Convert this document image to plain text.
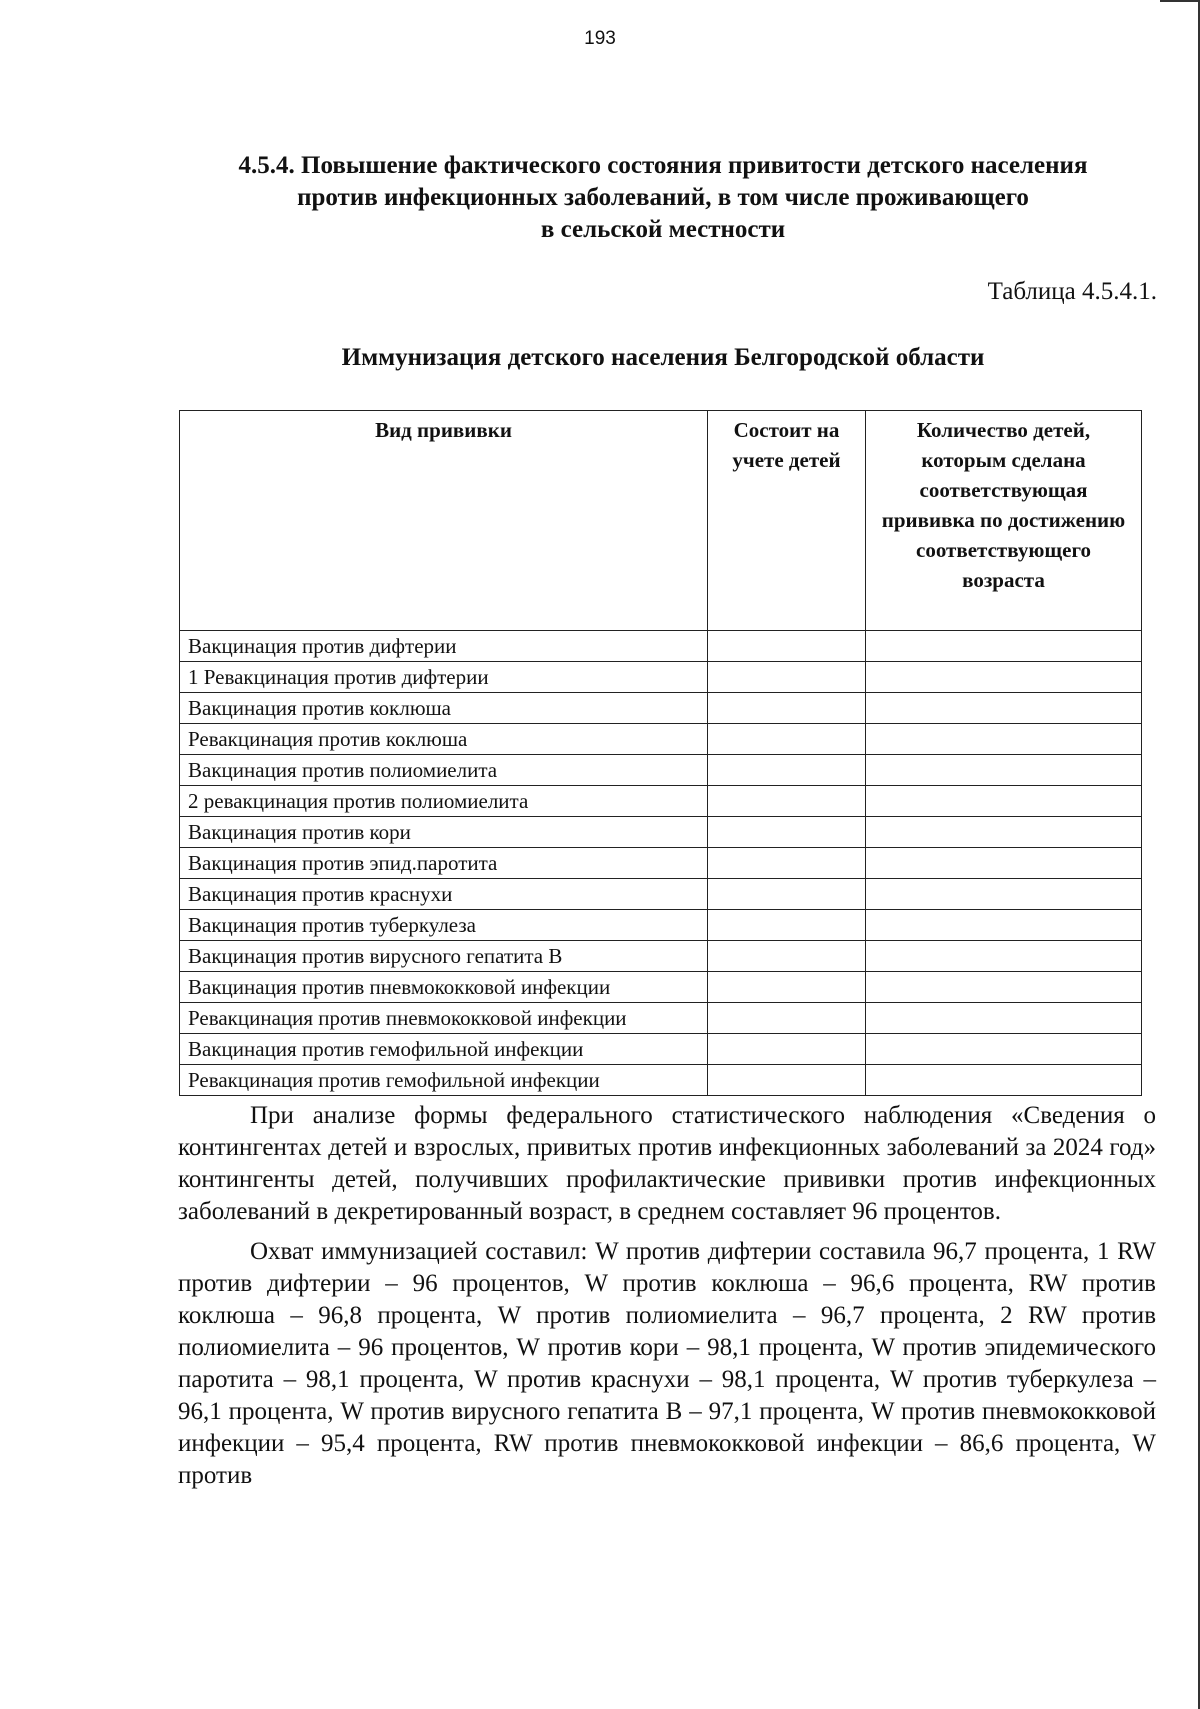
193
4.5.4. Повышение фактического состояния привитости детского населения
против инфекционных заболеваний, в том числе проживающего
в сельской местности
Таблица 4.5.4.1.
Иммунизация детского населения Белгородской области
Вид прививки	Состоит на учете детей	Количество детей, которым сделана соответствующая прививка по достижению соответствующего возраста
Вакцинация против дифтерии		
1 Ревакцинация против дифтерии		
Вакцинация против коклюша		
Ревакцинация против коклюша		
Вакцинация против полиомиелита		
2 ревакцинация против полиомиелита		
Вакцинация против кори		
Вакцинация против эпид.паротита		
Вакцинация против краснухи		
Вакцинация против туберкулеза		
Вакцинация против вирусного гепатита В		
Вакцинация против пневмококковой инфекции		
Ревакцинация против пневмококковой инфекции		
Вакцинация против гемофильной инфекции		
Ревакцинация против гемофильной инфекции		

При анализе формы федерального статистического наблюдения «Сведения о контингентах детей и взрослых, привитых против инфекционных заболеваний за 2024 год» контингенты детей, получивших профилактические прививки против инфекционных заболеваний в декретированный возраст, в среднем составляет 96 процентов.

Охват иммунизацией составил: W против дифтерии составила 96,7 процента, 1 RW против дифтерии – 96 процентов, W против коклюша – 96,6 процента, RW против коклюша – 96,8 процента, W против полиомиелита – 96,7 процента, 2 RW против полиомиелита – 96 процентов, W против кори – 98,1 процента, W против эпидемического паротита – 98,1 процента, W против краснухи – 98,1 процента, W против туберкулеза – 96,1 процента, W против вирусного гепатита В – 97,1 процента, W против пневмококковой инфекции – 95,4 процента, RW против пневмококковой инфекции – 86,6 процента, W против
